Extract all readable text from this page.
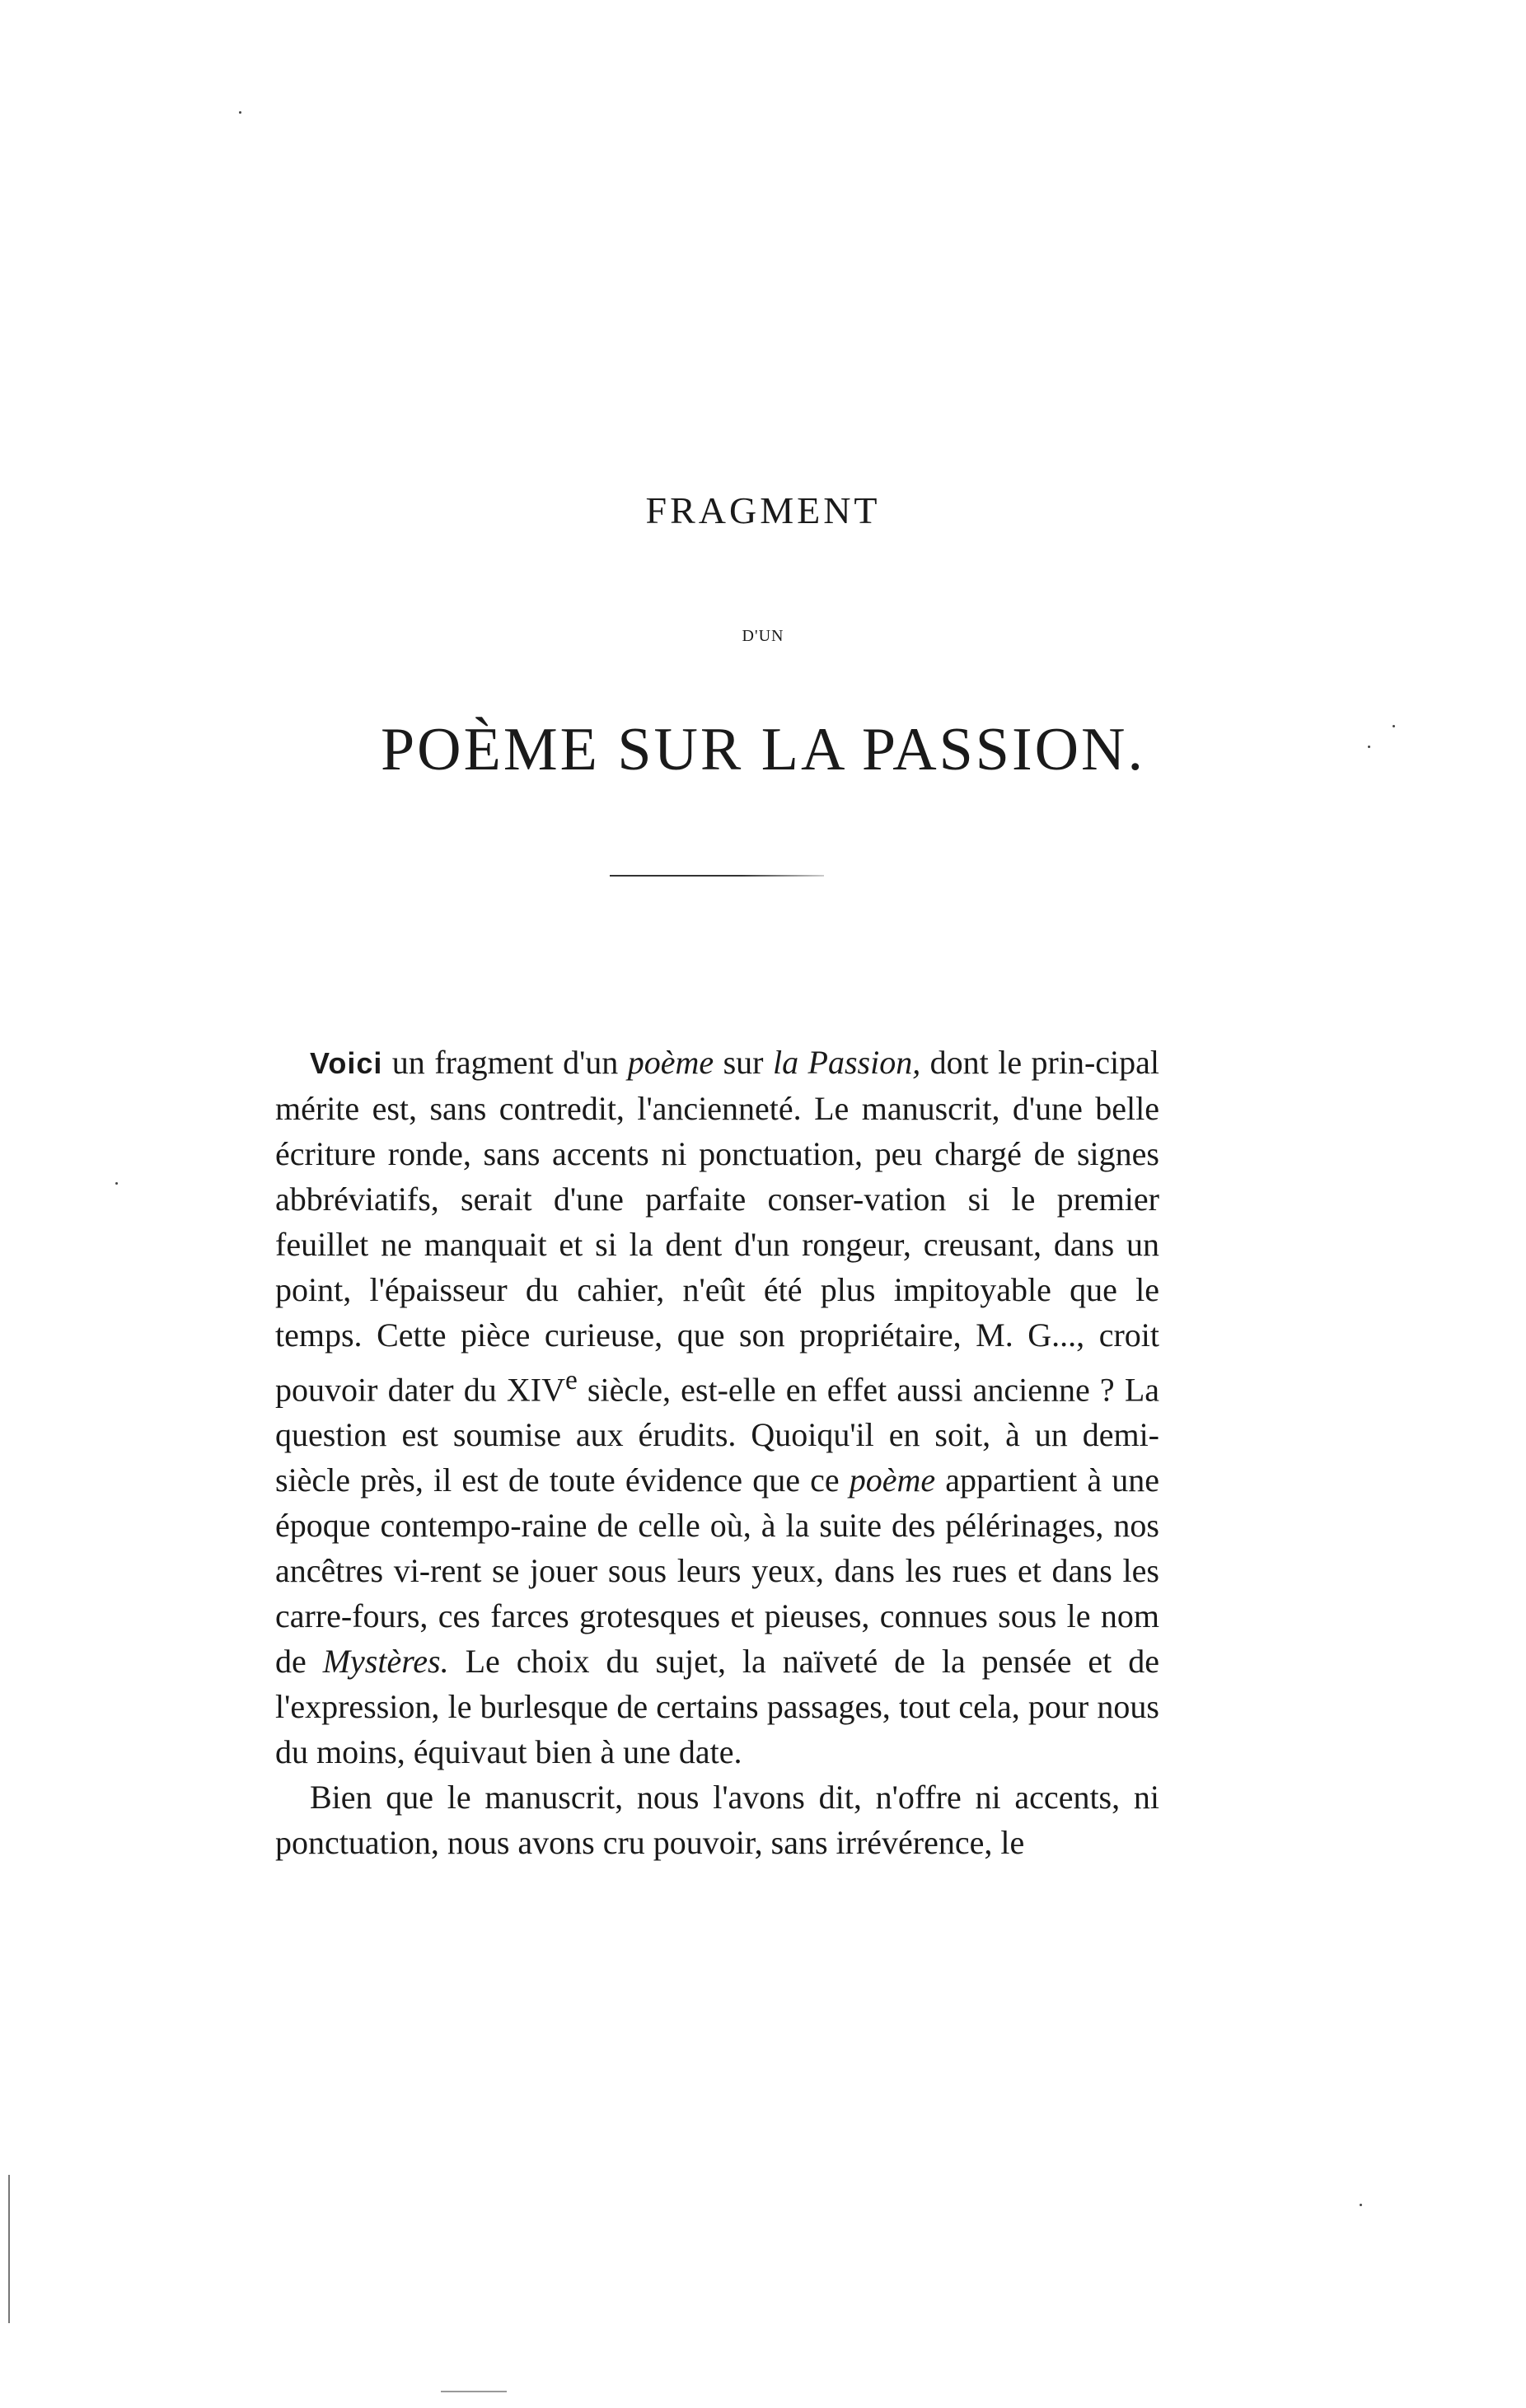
FRAGMENT
D'UN
POÈME SUR LA PASSION.

Voici un fragment d'un poème sur la Passion, dont le prin-cipal mérite est, sans contredit, l'ancienneté. Le manuscrit, d'une belle écriture ronde, sans accents ni ponctuation, peu chargé de signes abbréviatifs, serait d'une parfaite conser-vation si le premier feuillet ne manquait et si la dent d'un rongeur, creusant, dans un point, l'épaisseur du cahier, n'eût été plus impitoyable que le temps. Cette pièce curieuse, que son propriétaire, M. G..., croit pouvoir dater du XIVe siècle, est-elle en effet aussi ancienne ? La question est soumise aux érudits. Quoiqu'il en soit, à un demi-siècle près, il est de toute évidence que ce poème appartient à une époque contempo-raine de celle où, à la suite des pélérinages, nos ancêtres vi-rent se jouer sous leurs yeux, dans les rues et dans les carre-fours, ces farces grotesques et pieuses, connues sous le nom de Mystères. Le choix du sujet, la naïveté de la pensée et de l'expression, le burlesque de certains passages, tout cela, pour nous du moins, équivaut bien à une date.

Bien que le manuscrit, nous l'avons dit, n'offre ni accents, ni ponctuation, nous avons cru pouvoir, sans irrévérence, le
